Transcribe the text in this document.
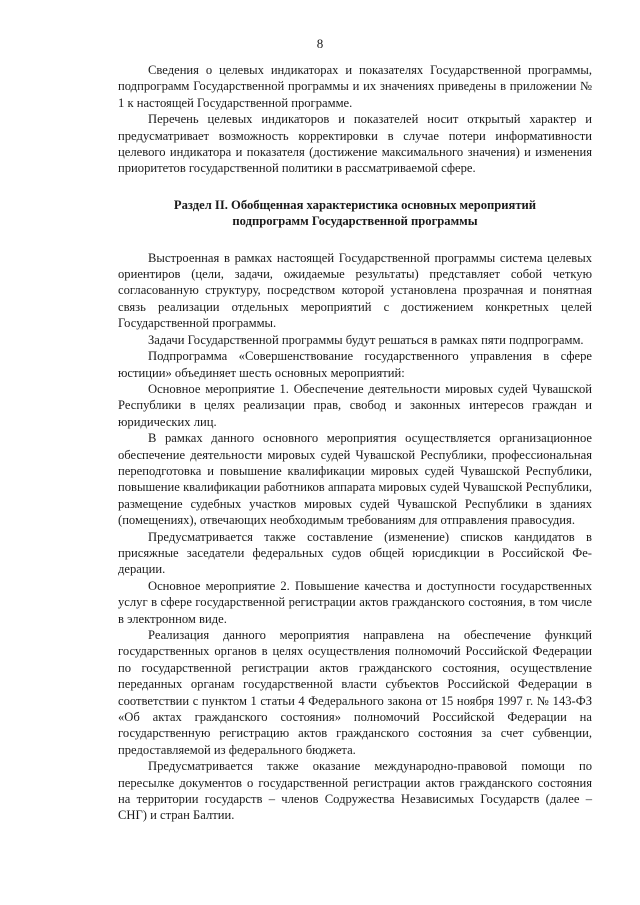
8

Сведения о целевых индикаторах и показателях Государственной программы, подпрограмм Государственной программы и их значениях приведены в приложении № 1 к настоящей Государственной программе.

Перечень целевых индикаторов и показателей носит открытый характер и предусматривает возможность корректировки в случае потери информативности целевого индикатора и показателя (достижение максимального значения) и изменения приоритетов государственной политики в рассматриваемой сфере.

Раздел II. Обобщенная характеристика основных мероприятий
подпрограмм Государственной программы

Выстроенная в рамках настоящей Государственной программы система целевых ориентиров (цели, задачи, ожидаемые результаты) представляет собой четкую согласованную структуру, посредством которой установлена прозрачная и понятная связь реализации отдельных мероприятий с достижением конкретных целей Государственной программы.

Задачи Государственной программы будут решаться в рамках пяти подпрограмм.

Подпрограмма «Совершенствование государственного управления в сфере юстиции» объединяет шесть основных мероприятий:

Основное мероприятие 1. Обеспечение деятельности мировых судей Чувашской Республики в целях реализации прав, свобод и законных интересов граждан и юридических лиц.

В рамках данного основного мероприятия осуществляется организационное обеспечение деятельности мировых судей Чувашской Республики, профессиональная переподготовка и повышение квалификации мировых судей Чувашской Республики, повышение квалификации работников аппарата мировых судей Чувашской Республики, размещение судебных участков мировых судей Чувашской Республики в зданиях (помещениях), отвечающих необходимым требованиям для отправления правосудия.

Предусматривается также составление (изменение) списков кандидатов в присяжные заседатели федеральных судов общей юрисдикции в Российской Федерации.

Основное мероприятие 2. Повышение качества и доступности государственных услуг в сфере государственной регистрации актов гражданского состояния, в том числе в электронном виде.

Реализация данного мероприятия направлена на обеспечение функций государственных органов в целях осуществления полномочий Российской Федерации по государственной регистрации актов гражданского состояния, осуществление переданных органам государственной власти субъектов Российской Федерации в соответствии с пунктом 1 статьи 4 Федерального закона от 15 ноября 1997 г. № 143-ФЗ «Об актах гражданского состояния» полномочий Российской Федерации на государственную регистрацию актов гражданского состояния за счет субвенции, предоставляемой из федерального бюджета.

Предусматривается также оказание международно-правовой помощи по пересылке документов о государственной регистрации актов гражданского состояния на территории государств – членов Содружества Независимых Государств (далее – СНГ) и стран Балтии.
